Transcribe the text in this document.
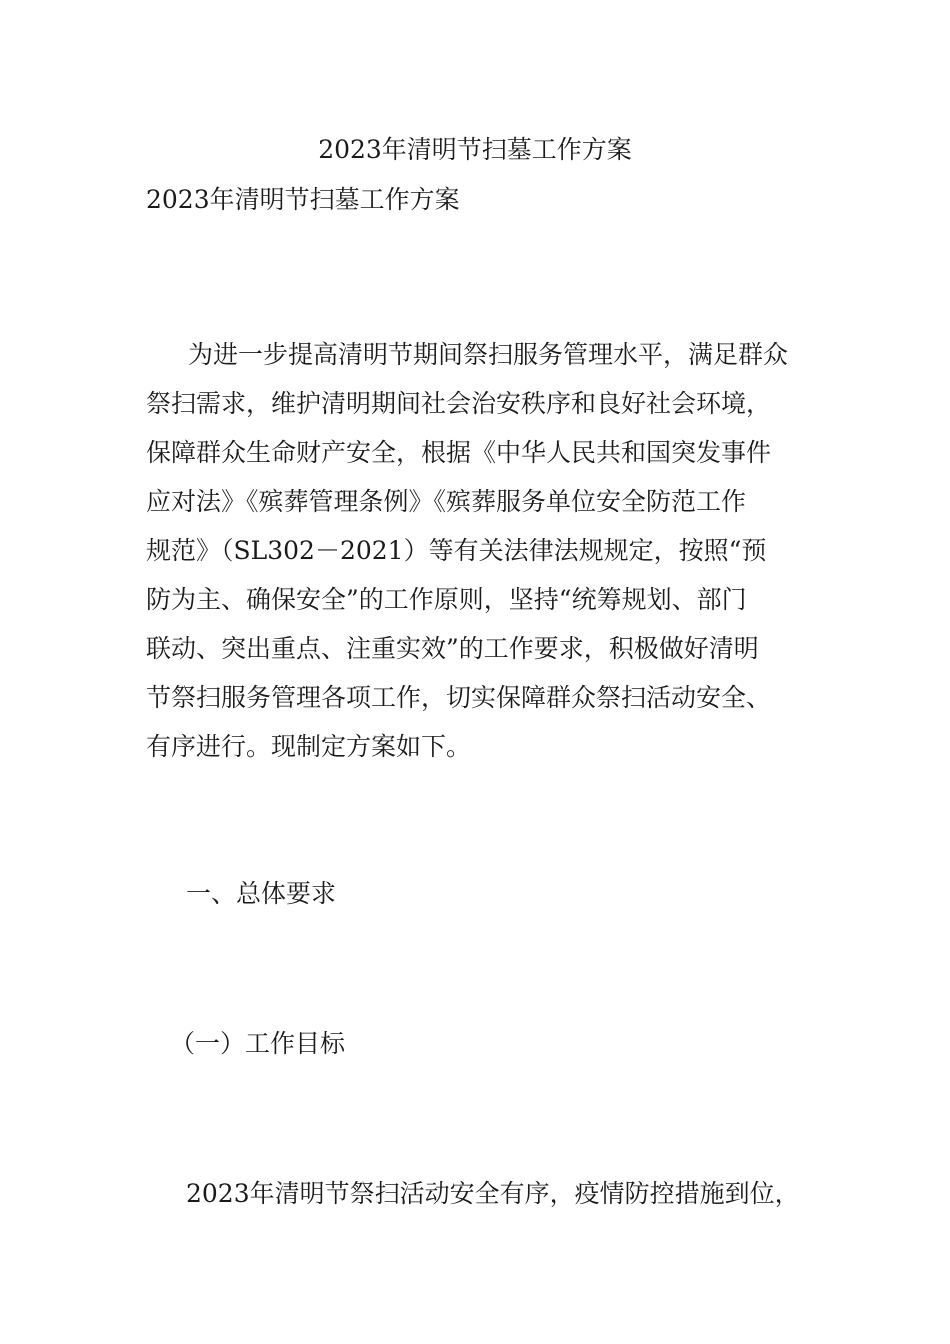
2023年清明节扫墓工作方案

2023年清明节扫墓工作方案

为进一步提高清明节期间祭扫服务管理水平，满足群众
祭扫需求，维护清明期间社会治安秩序和良好社会环境，
保障群众生命财产安全，根据《中华人民共和国突发事件
应对法》《殡葬管理条例》《殡葬服务单位安全防范工作
规范》（SL302－2021）等有关法律法规规定，按照“预
防为主、确保安全”的工作原则，坚持“统筹规划、部门
联动、突出重点、注重实效”的工作要求，积极做好清明
节祭扫服务管理各项工作，切实保障群众祭扫活动安全、
有序进行。现制定方案如下。

一、总体要求
（一）工作目标

2023年清明节祭扫活动安全有序，疫情防控措施到位，
